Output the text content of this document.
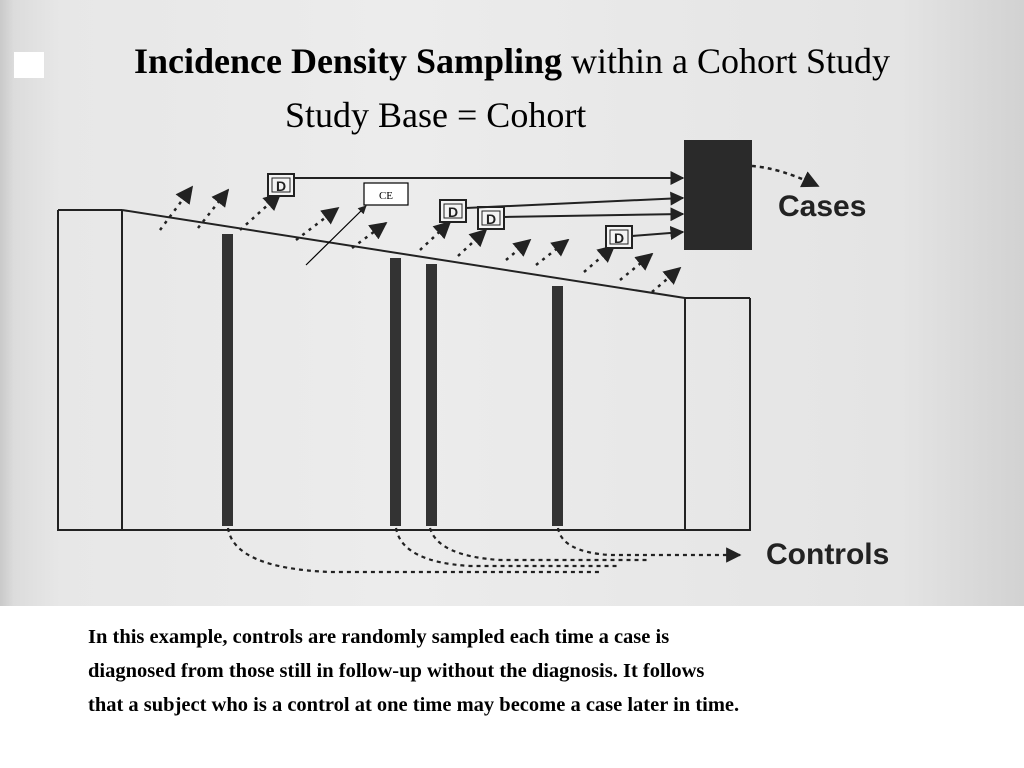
Incidence Density Sampling within a Cohort Study
Study Base = Cohort
D
D D
D
Cases
CE
Controls

In this example, controls are randomly sampled each time a case is

diagnosed from those still in follow-up without the diagnosis. It follows

that a subject who is a control at one time may become a case later in time.
